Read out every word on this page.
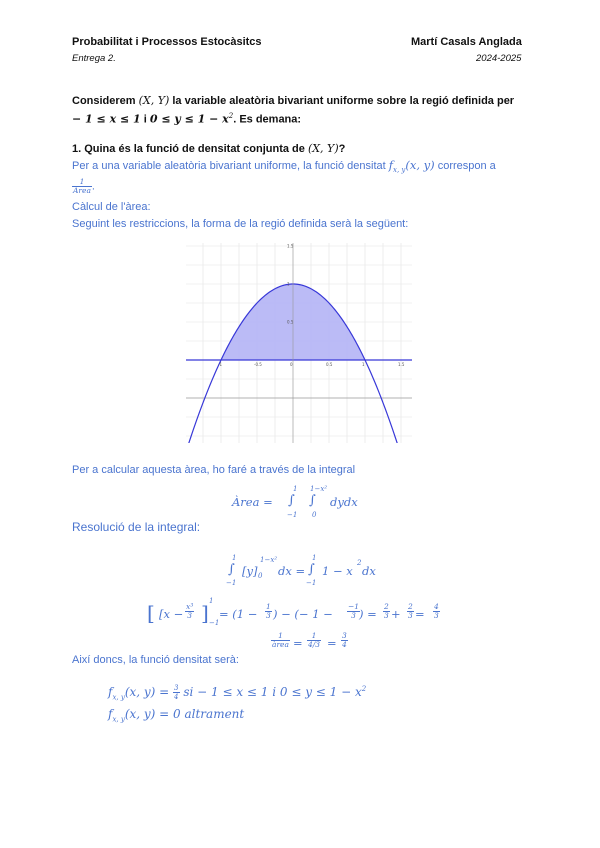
Probabilitat i Processos Estocàsitcs	Martí Casals Anglada
Entrega 2.	2024-2025
Considerem (X, Y) la variable aleatòria bivariant uniforme sobre la regió definida per
− 1 ≤ x ≤ 1 i $0 \le y \le 1 - x^2$. Es demana:
1. Quina és la funció de densitat conjunta de (X, Y)?
Per a una variable aleatòria bivariant uniforme, la funció densitat $f_{x, y}(x$, y) correspon a
$\frac{1}{\text{Àrea}}$ .
Càlcul de l'àrea:
Seguint les restriccions, la forma de la regió definida serà la següent:
1.5
1
0.5
-1	-0.5	0	0.5	1	1.5
Per a calcular aquesta àrea, ho faré a través de la integral
Àrea = ∫
1
−1
∫
1−x²
0
dydx
Resolució de la integral:
∫
1
−1
[y] 0
1−x²
dx = ∫
1
−1
1 − x
2
dx
[ [$x - \frac{\text{x³}}{3}$ ] 1
−1
= ($1 - \frac{1}{3}$ ) − (− $1 - \frac{-1}{3}$
) = $\frac{2}{3} + \frac{2}{3} = \frac{4}{3}$
1
àrea = $\frac{1}{4/3} = \frac{3}{4}$
Així doncs, la funció densitat serà:
$f_{x, y}(x$, $y) = \frac{3}{4}$ si − 1 ≤ x ≤ 1 i $0 \le y \le 1 - x^2$
$f_{x, y}(x$, y) = 0 altrament
